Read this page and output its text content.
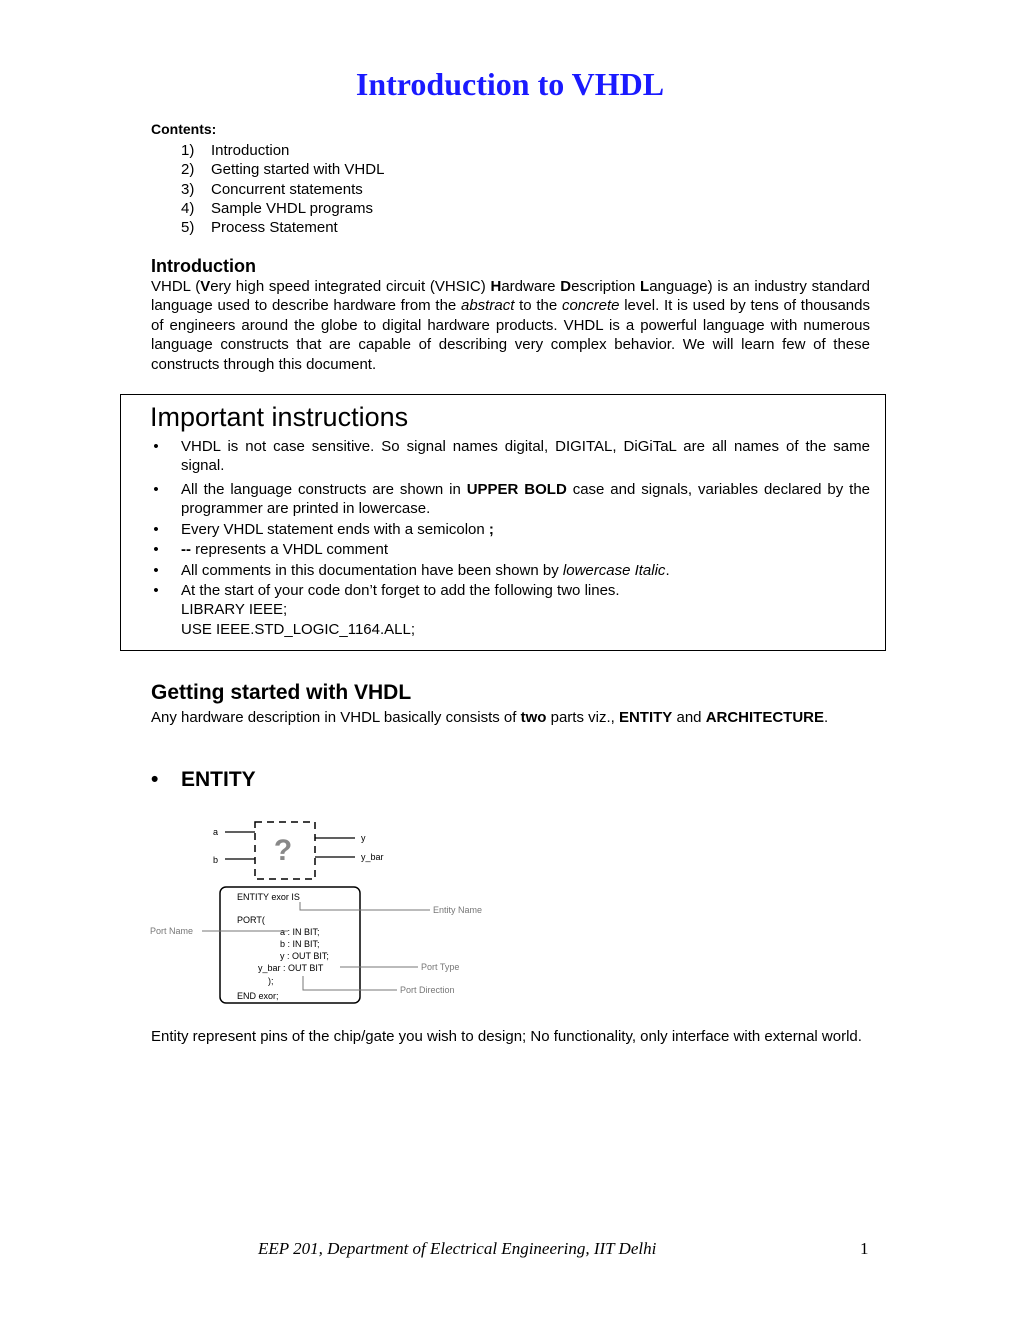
Introduction to VHDL
Contents:
1) Introduction
2) Getting started with VHDL
3) Concurrent statements
4) Sample VHDL programs
5) Process Statement
Introduction

VHDL (Very high speed integrated circuit (VHSIC) Hardware Description Language) is an industry standard language used to describe hardware from the abstract to the concrete level. It is used by tens of thousands of engineers around the globe to digital hardware products. VHDL is a powerful language with numerous language constructs that are capable of describing very complex behavior. We will learn few of these constructs through this document.

Important instructions
• VHDL is not case sensitive. So signal names digital, DIGITAL, DiGiTaL are all names of the same signal.
• All the language constructs are shown in UPPER BOLD case and signals, variables declared by the programmer are printed in lowercase.
• Every VHDL statement ends with a semicolon ;
• -- represents a VHDL comment
• All comments in this documentation have been shown by lowercase Italic.
• At the start of your code don’t forget to add the following two lines.
LIBRARY IEEE;
USE IEEE.STD_LOGIC_1164.ALL;
Getting started with VHDL

Any hardware description in VHDL basically consists of two parts viz., ENTITY and ARCHITECTURE.

• ENTITY
?
a
b
y
y_bar
ENTITY exor IS
PORT(
a : IN BIT;
b : IN BIT;
y : OUT BIT;
y_bar : OUT BIT
);
END exor;
Entity Name
Port Name
Port Type
Port Direction

Entity represent pins of the chip/gate you wish to design; No functionality, only interface with external world.

EEP 201, Department of Electrical Engineering, IIT Delhi	1
